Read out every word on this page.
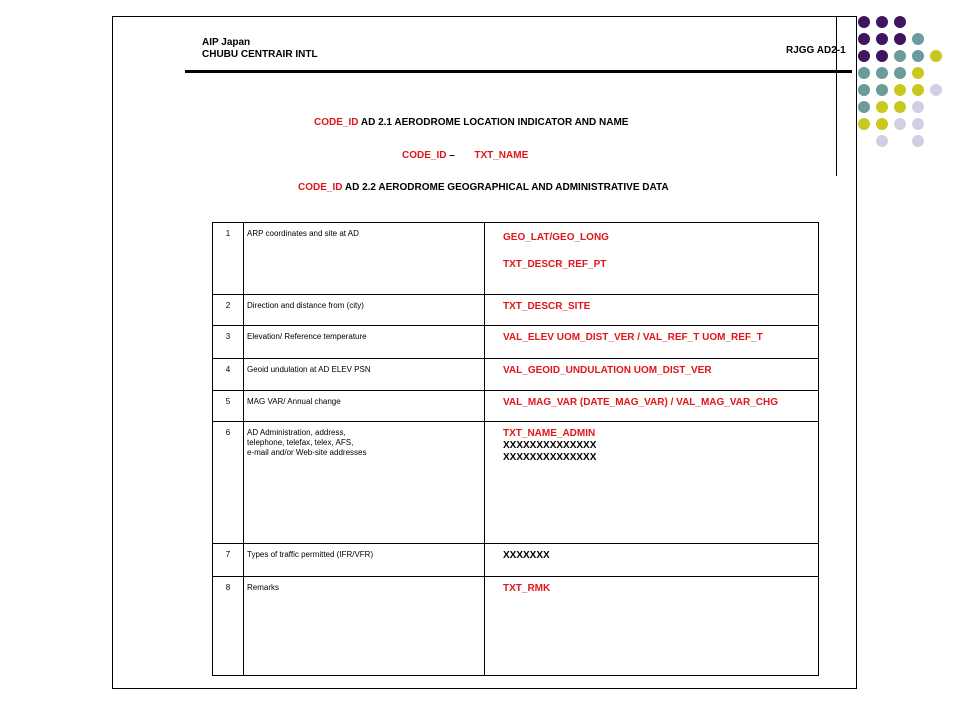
AIP Japan
CHUBU CENTRAIR INTL	RJGG AD2-1
CODE_ID AD 2.1 AERODROME LOCATION INDICATOR AND NAME
CODE_ID – TXT_NAME
CODE_ID AD 2.2 AERODROME GEOGRAPHICAL AND ADMINISTRATIVE DATA
1	ARP coordinates and site at AD	GEO_LAT/GEO_LONG
TXT_DESCR_REF_PT

2	Direction and distance from (city)	TXT_DESCR_SITE

3	Elevation/ Reference temperature	VAL_ELEV UOM_DIST_VER / VAL_REF_T UOM_REF_T

4	Geoid undulation at AD ELEV PSN	VAL_GEOID_UNDULATION UOM_DIST_VER

5	MAG VAR/ Annual change	VAL_MAG_VAR (DATE_MAG_VAR) / VAL_MAG_VAR_CHG

6	AD Administration, address,
telephone, telefax, telex, AFS,
e-mail and/or Web-site addresses	TXT_NAME_ADMIN
XXXXXXXXXXXXXX
XXXXXXXXXXXXXX

7	Types of traffic permitted (IFR/VFR)	XXXXXXX

8	Remarks	TXT_RMK
